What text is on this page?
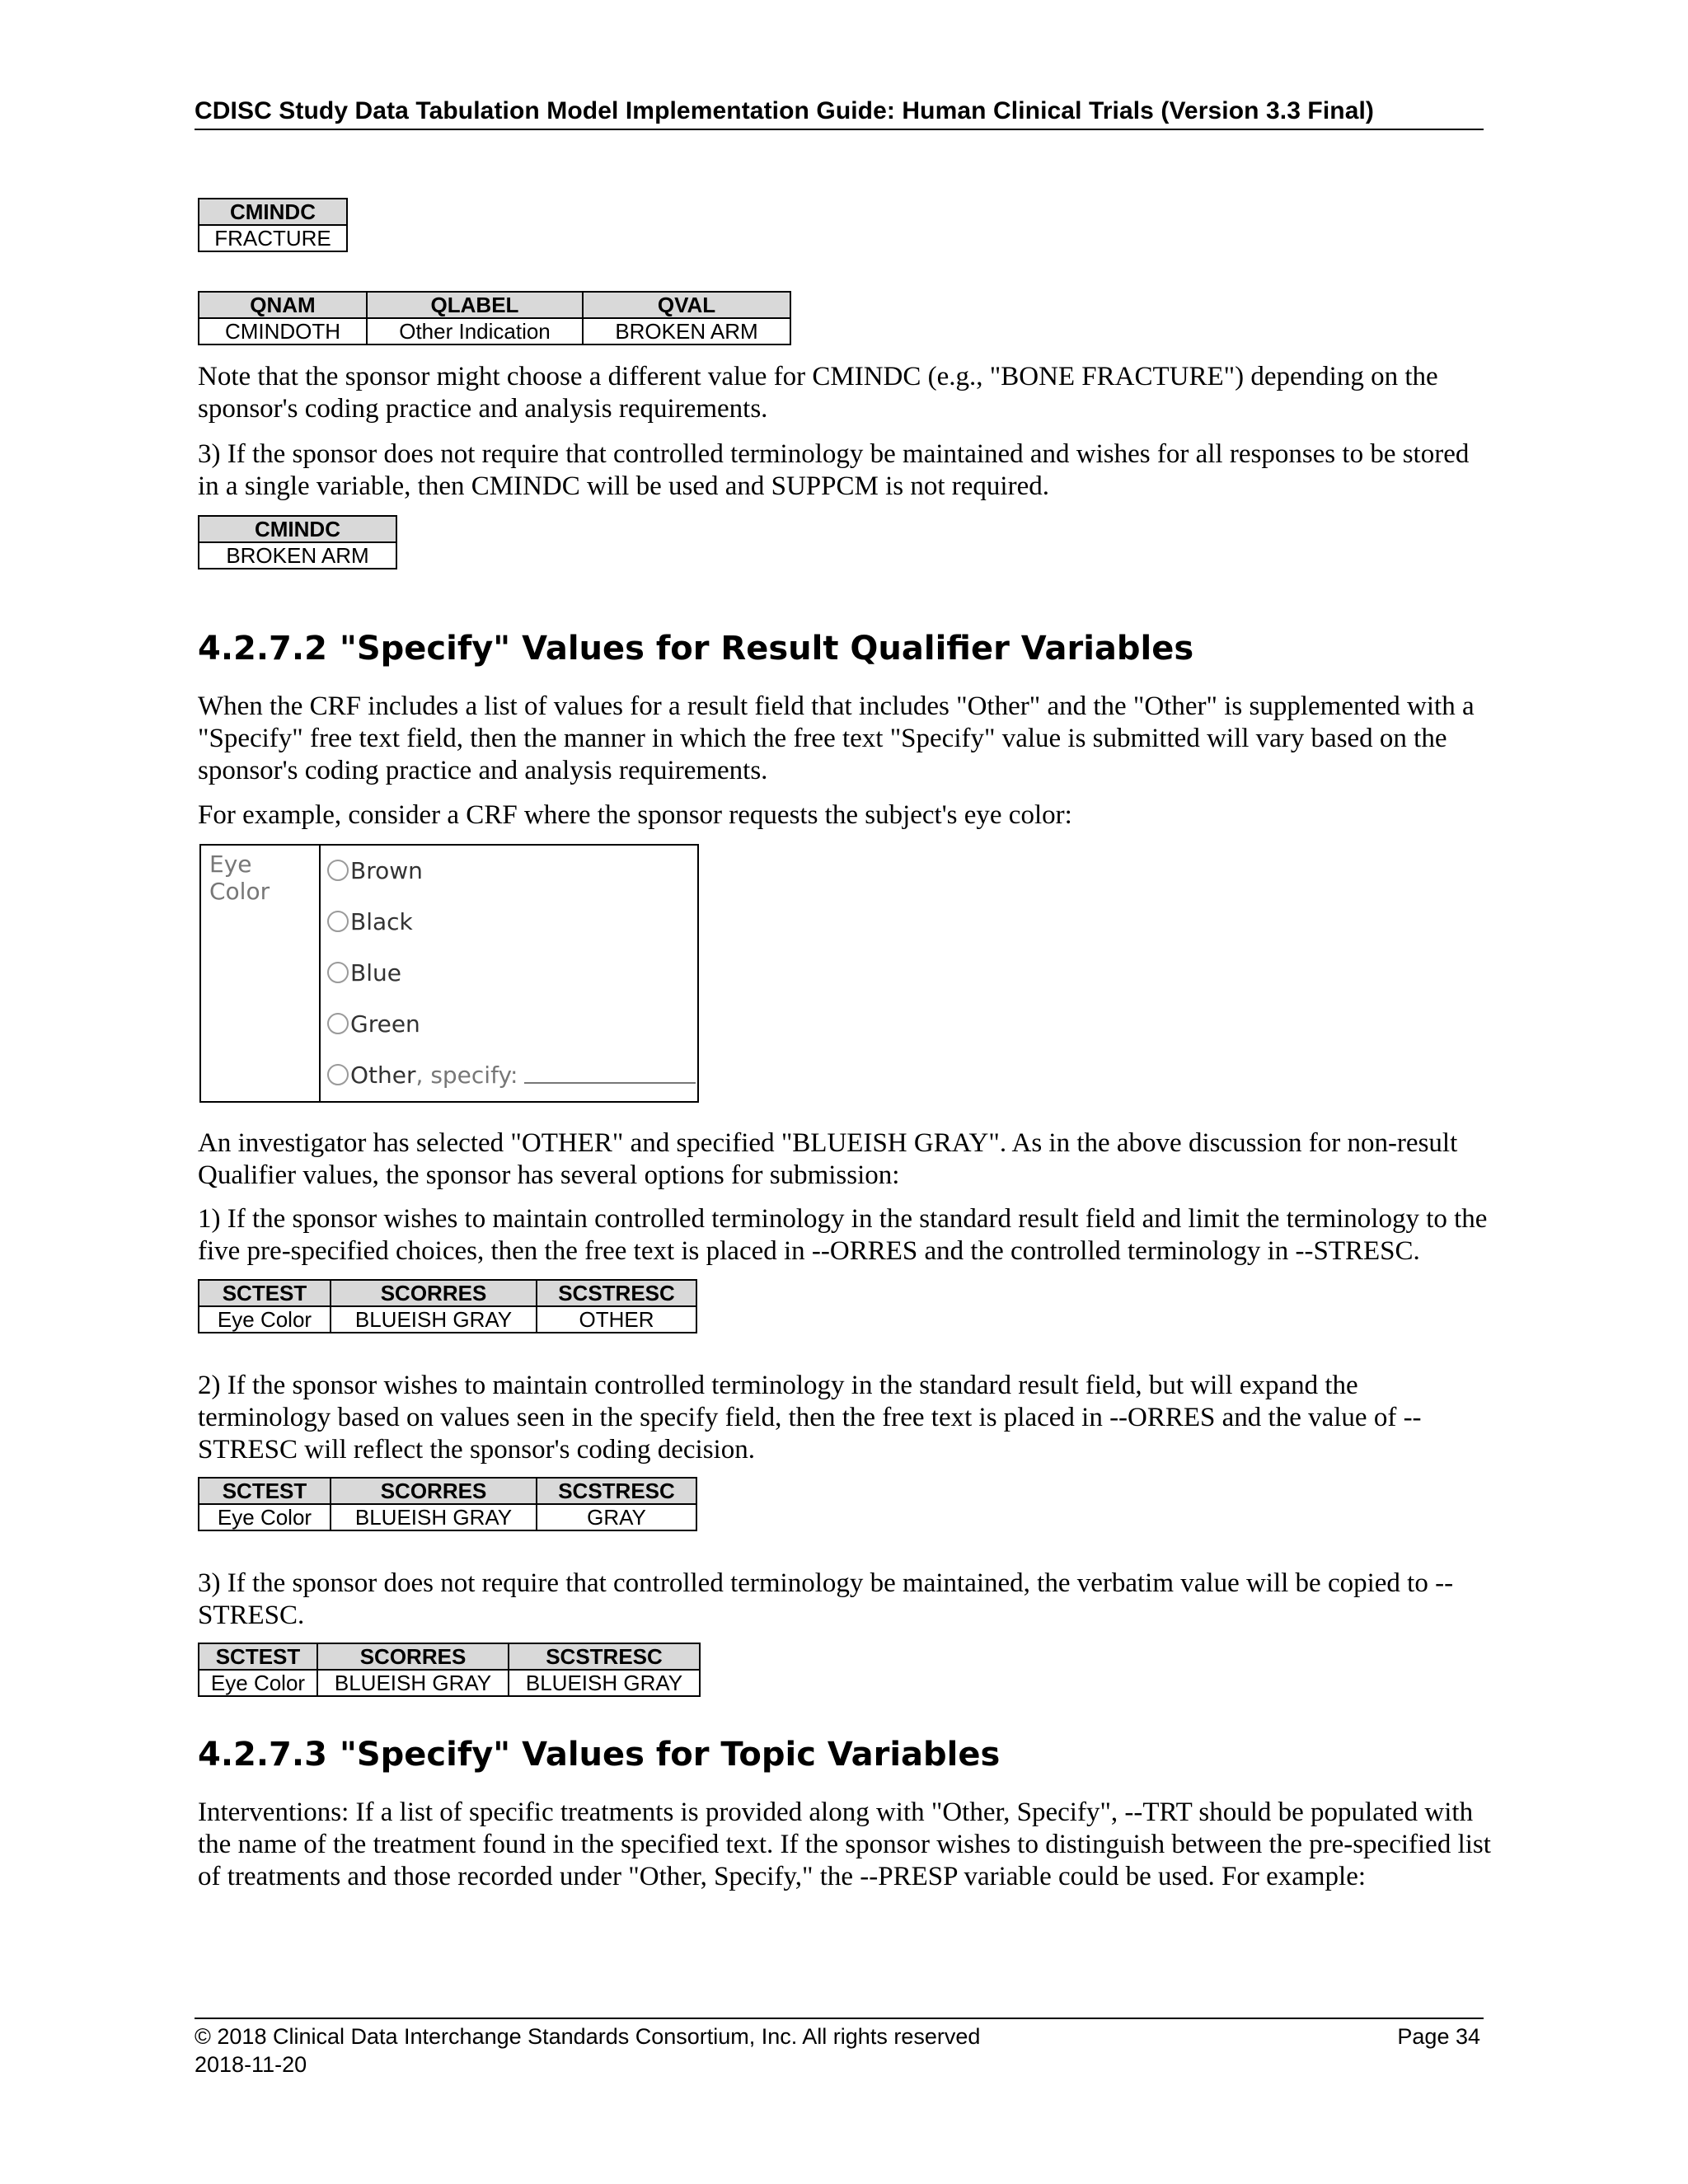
CDISC Study Data Tabulation Model Implementation Guide: Human Clinical Trials (Version 3.3 Final)
CMINDC
FRACTURE
QNAM	QLABEL	QVAL
CMINDOTH	Other Indication	BROKEN ARM

Note that the sponsor might choose a different value for CMINDC (e.g., "BONE FRACTURE") depending on the sponsor's coding practice and analysis requirements.

3) If the sponsor does not require that controlled terminology be maintained and wishes for all responses to be stored in a single variable, then CMINDC will be used and SUPPCM is not required.

CMINDC
BROKEN ARM
4.2.7.2 "Specify" Values for Result Qualifier Variables

When the CRF includes a list of values for a result field that includes "Other" and the "Other" is supplemented with a "Specify" free text field, then the manner in which the free text "Specify" value is submitted will vary based on the sponsor's coding practice and analysis requirements.

For example, consider a CRF where the sponsor requests the subject's eye color:

Eye Color
Brown
Black
Blue
Green
Other , specify:

An investigator has selected "OTHER" and specified "BLUEISH GRAY". As in the above discussion for non-result Qualifier values, the sponsor has several options for submission:

1) If the sponsor wishes to maintain controlled terminology in the standard result field and limit the terminology to the five pre-specified choices, then the free text is placed in --ORRES and the controlled terminology in --STRESC.

SCTEST	SCORRES	SCSTRESC
Eye Color	BLUEISH GRAY	OTHER

2) If the sponsor wishes to maintain controlled terminology in the standard result field, but will expand the terminology based on values seen in the specify field, then the free text is placed in --ORRES and the value of --STRESC will reflect the sponsor's coding decision.

SCTEST	SCORRES	SCSTRESC
Eye Color	BLUEISH GRAY	GRAY

3) If the sponsor does not require that controlled terminology be maintained, the verbatim value will be copied to --STRESC.

SCTEST	SCORRES	SCSTRESC
Eye Color	BLUEISH GRAY	BLUEISH GRAY
4.2.7.3 "Specify" Values for Topic Variables

Interventions: If a list of specific treatments is provided along with "Other, Specify", --TRT should be populated with the name of the treatment found in the specified text. If the sponsor wishes to distinguish between the pre-specified list of treatments and those recorded under "Other, Specify," the --PRESP variable could be used. For example:

© 2018 Clinical Data Interchange Standards Consortium, Inc. All rights reserved
2018-11-20
Page 34
